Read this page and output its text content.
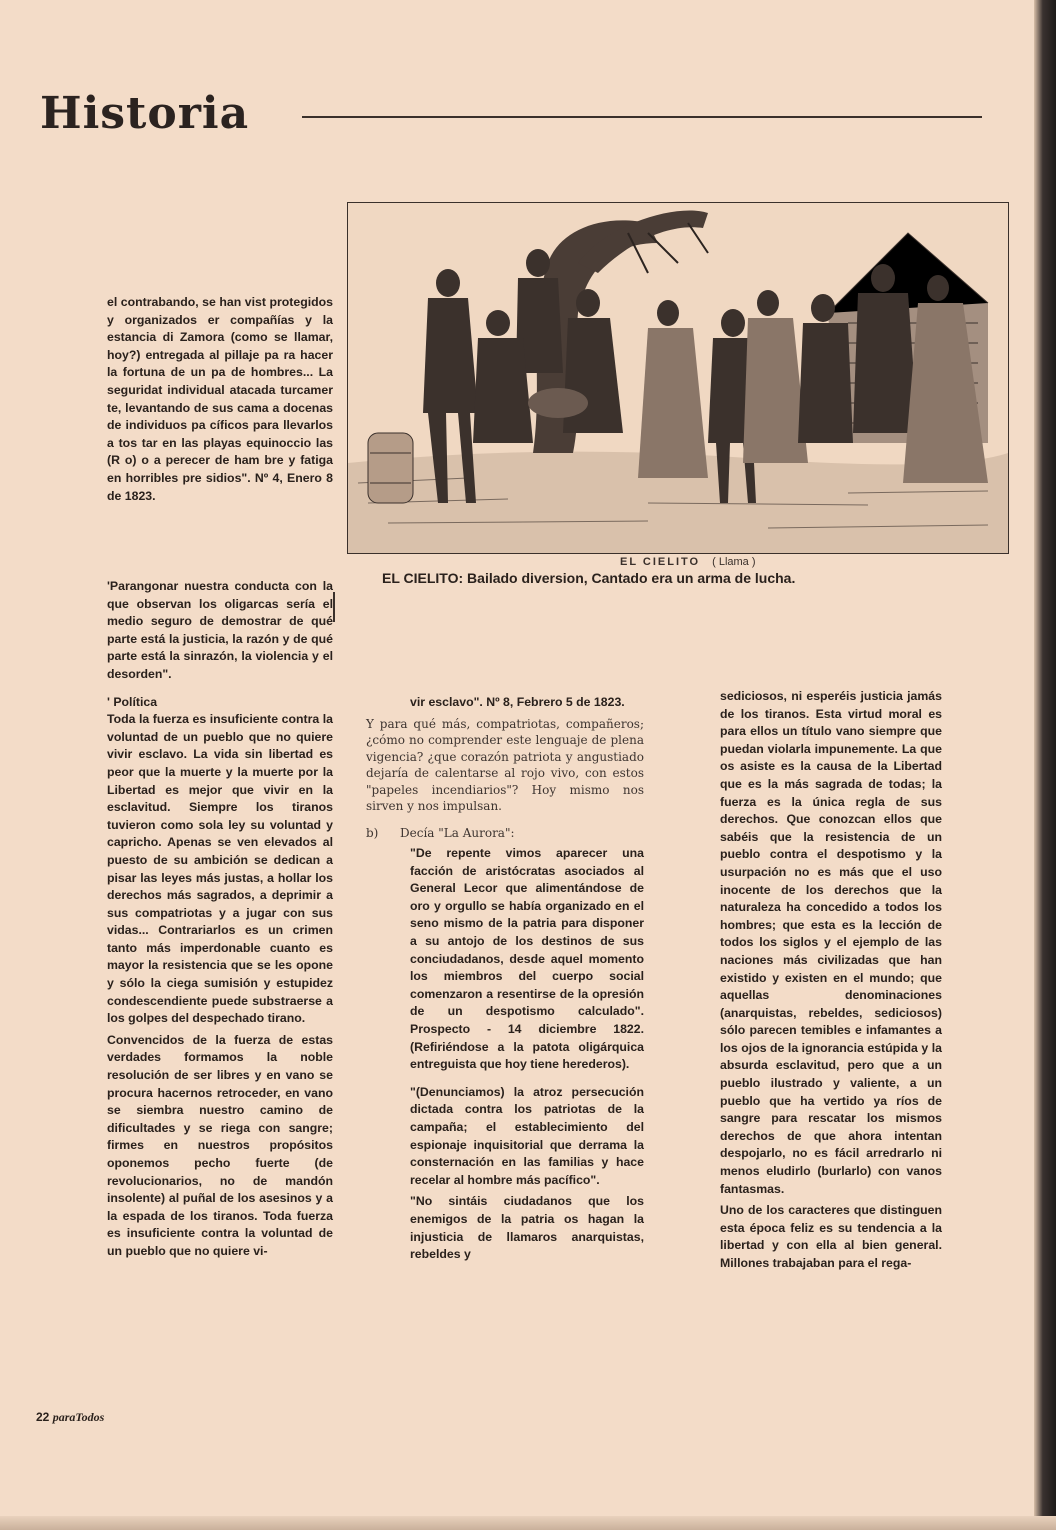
Historia
EL CIELITO ( Llama )
EL CIELITO: Bailado diversion, Cantado era un arma de lucha.

el contrabando, se han vist protegidos y organizados er compañías y la estancia di Zamora (como se llamar, hoy?) entregada al pillaje pa ra hacer la fortuna de un pa de hombres... La seguridat individual atacada turcamer te, levantando de sus cama a docenas de individuos pa cíficos para llevarlos a tos tar en las playas equinoccio las (R o) o a perecer de ham bre y fatiga en horribles pre sidios". Nº 4, Enero 8 de 1823.

'Parangonar nuestra conducta con la que observan los oligarcas sería el medio seguro de demostrar de qué parte está la justicia, la razón y de qué parte está la sinrazón, la violencia y el desorden".

' Política

Toda la fuerza es insuficiente contra la voluntad de un pueblo que no quiere vivir esclavo. La vida sin libertad es peor que la muerte y la muerte por la Libertad es mejor que vivir en la esclavitud. Siempre los tiranos tuvieron como sola ley su voluntad y capricho. Apenas se ven elevados al puesto de su ambición se dedican a pisar las leyes más justas, a hollar los derechos más sagrados, a deprimir a sus compatriotas y a jugar con sus vidas... Contrariarlos es un crimen tanto más imperdonable cuanto es mayor la resistencia que se les opone y sólo la ciega sumisión y estupidez condescendiente puede substraerse a los golpes del despechado tirano.

Convencidos de la fuerza de estas verdades formamos la noble resolución de ser libres y en vano se procura hacernos retroceder, en vano se siembra nuestro camino de dificultades y se riega con sangre; firmes en nuestros propósitos oponemos pecho fuerte (de revolucionarios, no de mandón insolente) al puñal de los asesinos y a la espada de los tiranos. Toda fuerza es insuficiente contra la voluntad de un pueblo que no quiere vi-

vir esclavo". Nº 8, Febrero 5 de 1823.

Y para qué más, compatriotas, compañeros; ¿cómo no comprender este lenguaje de plena vigencia? ¿que corazón patriota y angustiado dejaría de calentarse al rojo vivo, con estos "papeles incendiarios"? Hoy mismo nos sirven y nos impulsan.

b) Decía "La Aurora":

"De repente vimos aparecer una facción de aristócratas asociados al General Lecor que alimentándose de oro y orgullo se había organizado en el seno mismo de la patria para disponer a su antojo de los destinos de sus conciudadanos, desde aquel momento los miembros del cuerpo social comenzaron a resentirse de la opresión de un despotismo calculado". Prospecto - 14 diciembre 1822. (Refiriéndose a la patota oligárquica entreguista que hoy tiene herederos).

"(Denunciamos) la atroz persecución dictada contra los patriotas de la campaña; el establecimiento del espionaje inquisitorial que derrama la consternación en las familias y hace recelar al hombre más pacífico".

"No sintáis ciudadanos que los enemigos de la patria os hagan la injusticia de llamaros anarquistas, rebeldes y

sediciosos, ni esperéis justicia jamás de los tiranos. Esta virtud moral es para ellos un título vano siempre que puedan violarla impunemente. La que os asiste es la causa de la Libertad que es la más sagrada de todas; la fuerza es la única regla de sus derechos. Que conozcan ellos que sabéis que la resistencia de un pueblo contra el despotismo y la usurpación no es más que el uso inocente de los derechos que la naturaleza ha concedido a todos los hombres; que esta es la lección de todos los siglos y el ejemplo de las naciones más civilizadas que han existido y existen en el mundo; que aquellas denominaciones (anarquistas, rebeldes, sediciosos) sólo parecen temibles e infamantes a los ojos de la ignorancia estúpida y la absurda esclavitud, pero que a un pueblo ilustrado y valiente, a un pueblo que ha vertido ya ríos de sangre para rescatar los mismos derechos de que ahora intentan despojarlo, no es fácil arredrarlo ni menos eludirlo (burlarlo) con vanos fantasmas.

Uno de los caracteres que distinguen esta época feliz es su tendencia a la libertad y con ella al bien general. Millones trabajaban para el rega-

22 paraTodos
